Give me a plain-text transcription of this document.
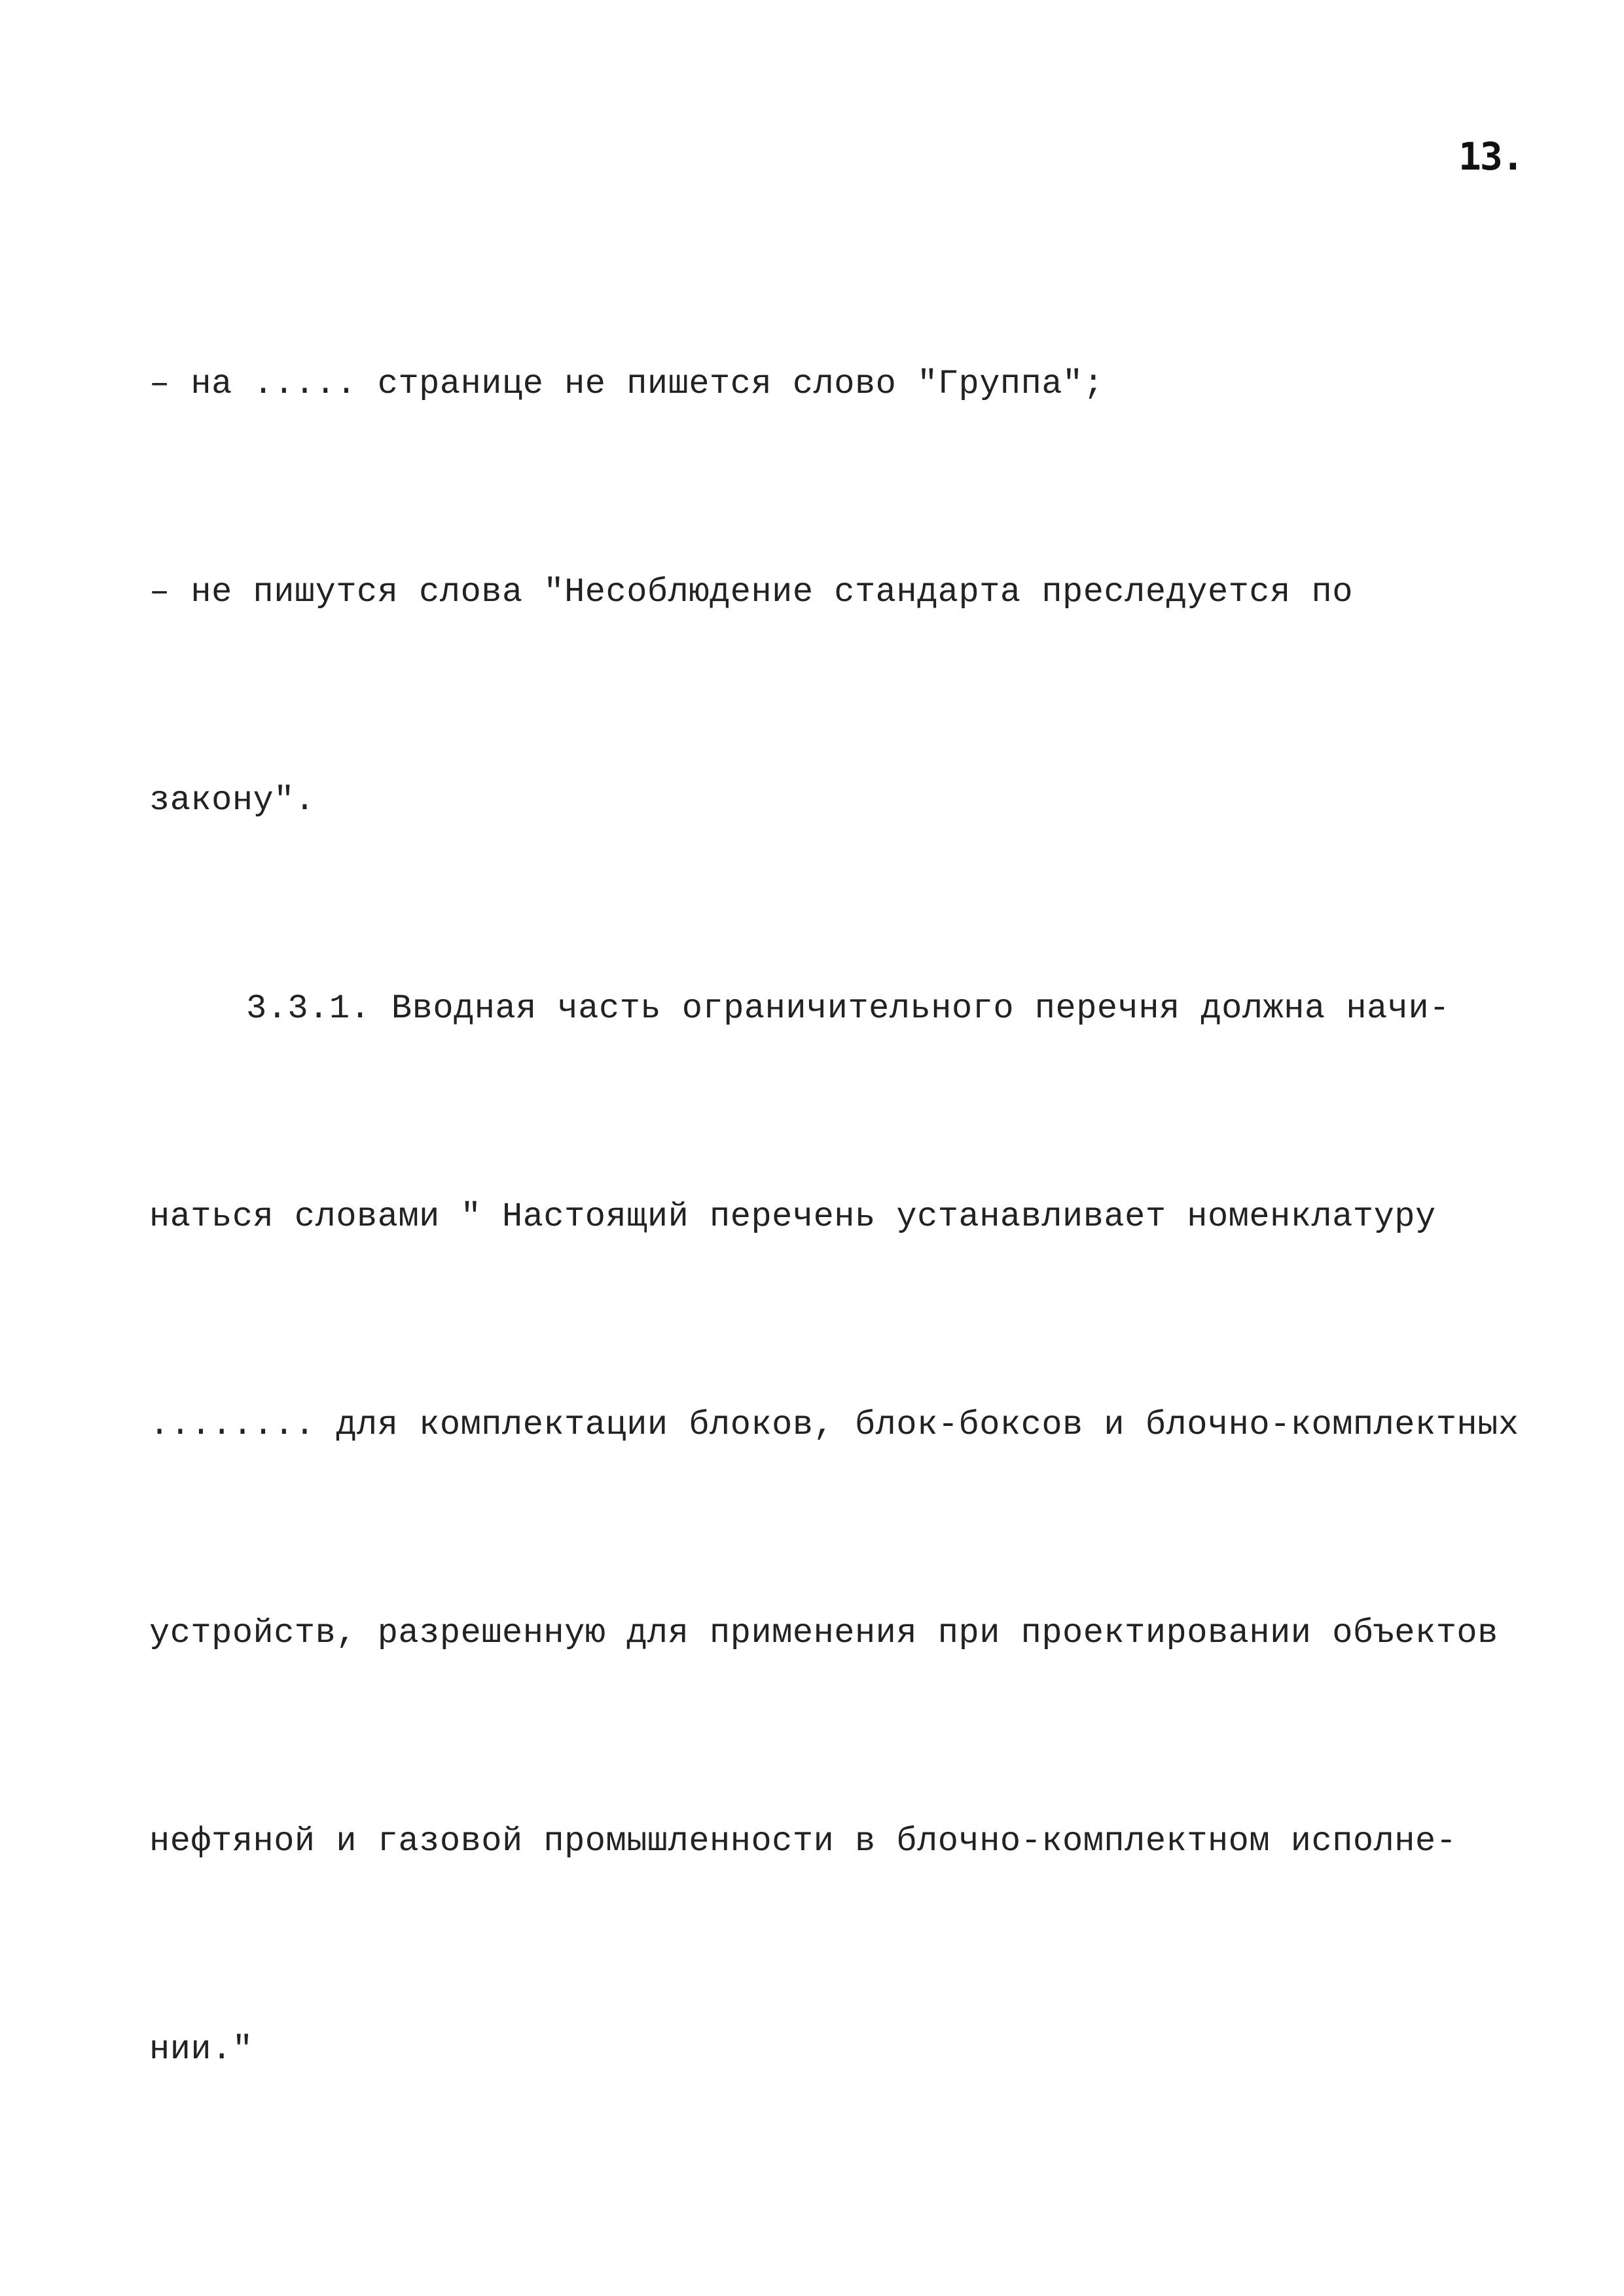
13.

– на ..... странице не пишется слово "Группа";

– не пишутся слова "Несоблюдение стандарта преследуется по

закону".

3.3.1. Вводная часть ограничительного перечня должна начи-

наться словами " Настоящий перечень устанавливает номенклатуру

........ для комплектации блоков, блок-боксов и блочно-комплектных

устройств, разрешенную для применения при проектировании объектов

нефтяной и газовой промышленности в блочно-комплектном исполне-

нии."
